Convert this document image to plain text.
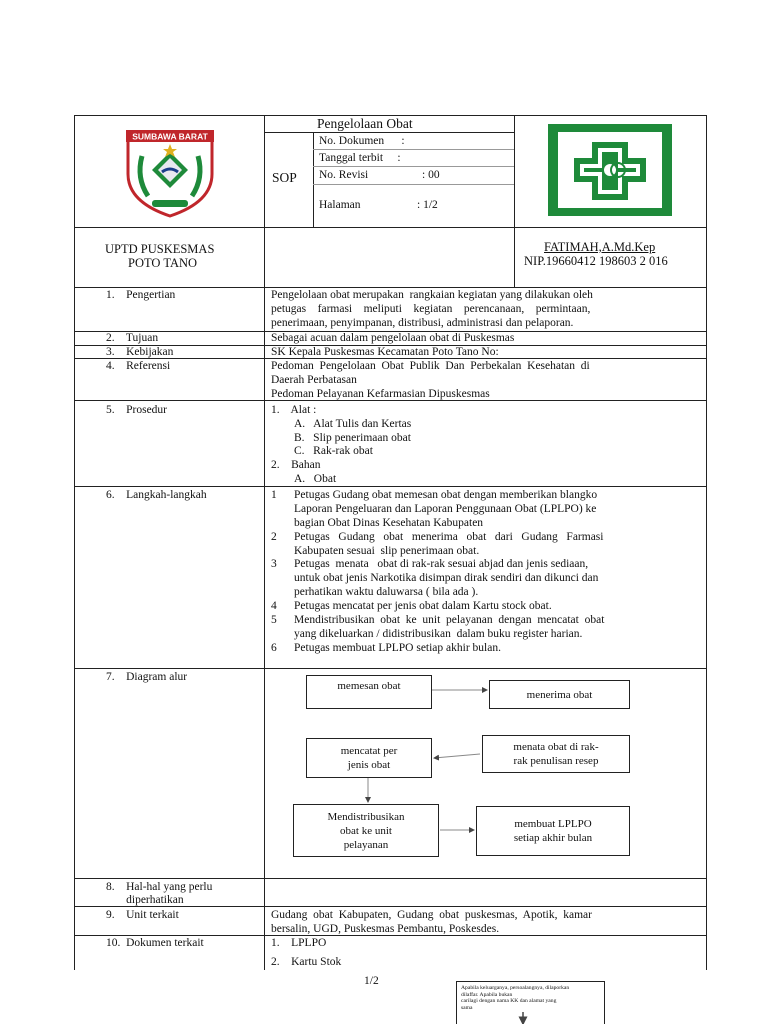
SUMBAWA BARAT
Pengelolaan Obat
SOP
No. Dokumen      :
Tanggal terbit     :
No. Revisi	: 00
Halaman	: 1/2
UPTD PUSKESMAS
POTO TANO
FATIMAH,A.Md.Kep
NIP.19660412 198603 2 016
1.    Pengertian	Pengelolaan obat merupakan  rangkaian kegiatan yang dilakukan oleh
petugas    farmasi    meliputi    kegiatan    perencanaan,    permintaan,
penerimaan, penyimpanan, distribusi, administrasi dan pelaporan.
2.    Tujuan	Sebagai acuan dalam pengelolaan obat di Puskesmas
3.    Kebijakan	SK Kepala Puskesmas Kecamatan Poto Tano No:
4.    Referensi	Pedoman  Pengelolaan  Obat  Publik  Dan  Perbekalan  Kesehatan  di
Daerah Perbatasan
Pedoman Pelayanan Kefarmasian Dipuskesmas
5.    Prosedur	1.    Alat :
A.   Alat Tulis dan Kertas
B.   Slip penerimaan obat
C.   Rak-rak obat
2.    Bahan
A.   Obat
6.    Langkah-langkah	1 Petugas Gudang obat memesan obat dengan memberikan blangko
Laporan Pengeluaran dan Laporan Penggunaan Obat (LPLPO) ke
bagian Obat Dinas Kesehatan Kabupaten
2 Petugas   Gudang   obat   menerima   obat   dari   Gudang   Farmasi
Kabupaten sesuai  slip penerimaan obat.
3 Petugas  menata   obat di rak-rak sesuai abjad dan jenis sediaan,
untuk obat jenis Narkotika disimpan dirak sendiri dan dikunci dan
perhatikan waktu daluwarsa ( bila ada ).
4 Petugas mencatat per jenis obat dalam Kartu stock obat.
5 Mendistribusikan  obat  ke  unit  pelayanan  dengan  mencatat  obat
yang dikeluarkan / didistribusikan  dalam buku register harian.
6 Petugas membuat LPLPO setiap akhir bulan.
7.    Diagram alur
memesan obat
menerima obat
mencatat per
jenis obat
menata obat di rak-
rak penulisan resep
Mendistribusikan
obat ke unit
pelayanan
membuat LPLPO
setiap akhir bulan
8.    Hal-hal yang perlu
diperhatikan
9.    Unit terkait	Gudang  obat  Kabupaten,  Gudang  obat  puskesmas,  Apotik,  kamar
bersalin, UGD, Puskesmas Pembantu, Poskesdes.
10.  Dokumen terkait	1.    LPLPO
2.    Kartu Stok
1/2
Apabila keluarganya, persoalangnya, dilaporkan
dilaffar. Apabila bukan
carilagi dengan nama KK dan alamat yang
sama
